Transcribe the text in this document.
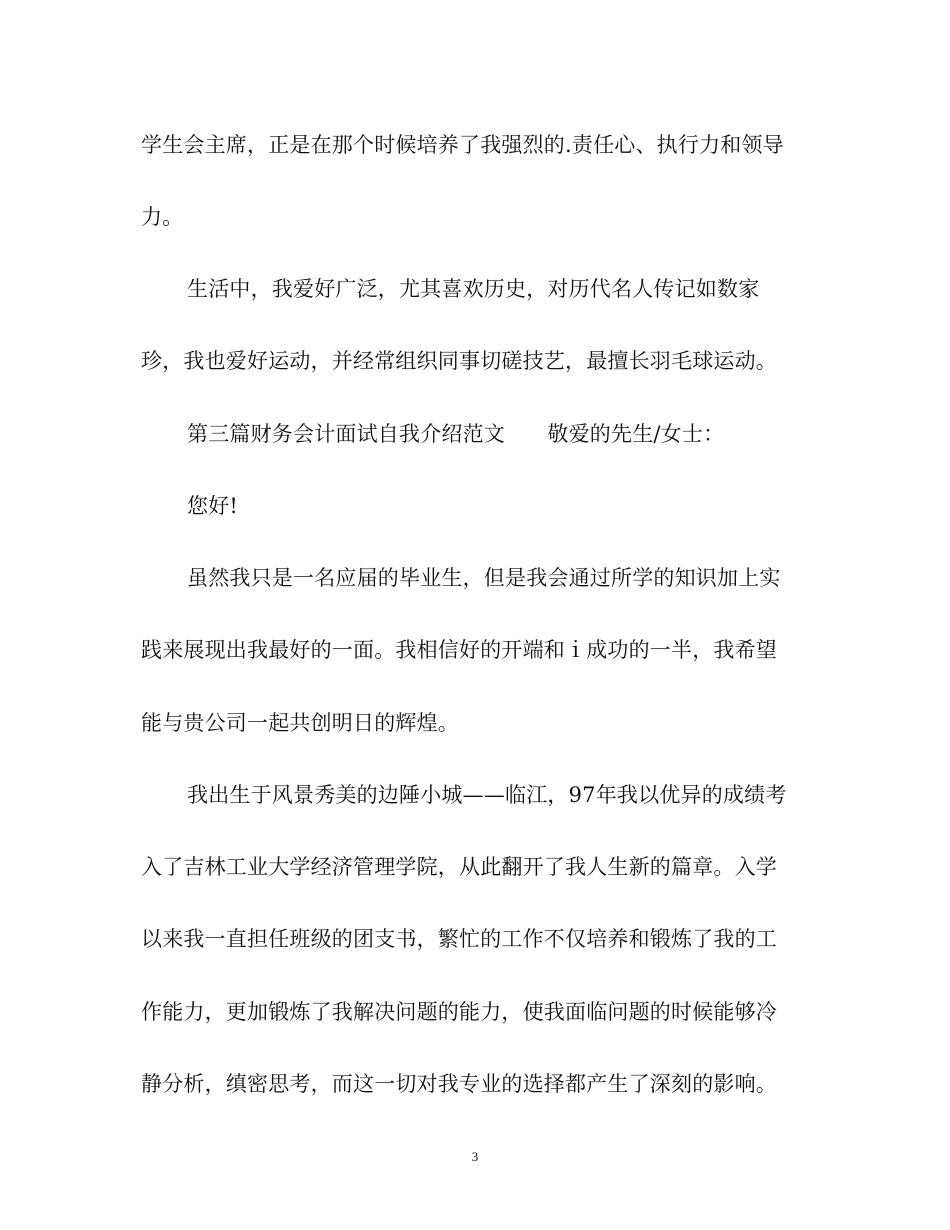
学生会主席，正是在那个时候培养了我强烈的.责任心、执行力和领导
力。
生活中，我爱好广泛，尤其喜欢历史，对历代名人传记如数家
珍，我也爱好运动，并经常组织同事切磋技艺，最擅长羽毛球运动。
第三篇财务会计面试自我介绍范文　　敬爱的先生/女士：
您好!
虽然我只是一名应届的毕业生，但是我会通过所学的知识加上实
践来展现出我最好的一面。我相信好的开端和ｉ成功的一半，我希望
能与贵公司一起共创明日的辉煌。
我出生于风景秀美的边陲小城——临江，97年我以优异的成绩考
入了吉林工业大学经济管理学院，从此翻开了我人生新的篇章。入学
以来我一直担任班级的团支书，繁忙的工作不仅培养和锻炼了我的工
作能力，更加锻炼了我解决问题的能力，使我面临问题的时候能够冷
静分析，缜密思考，而这一切对我专业的选择都产生了深刻的影响。
3
